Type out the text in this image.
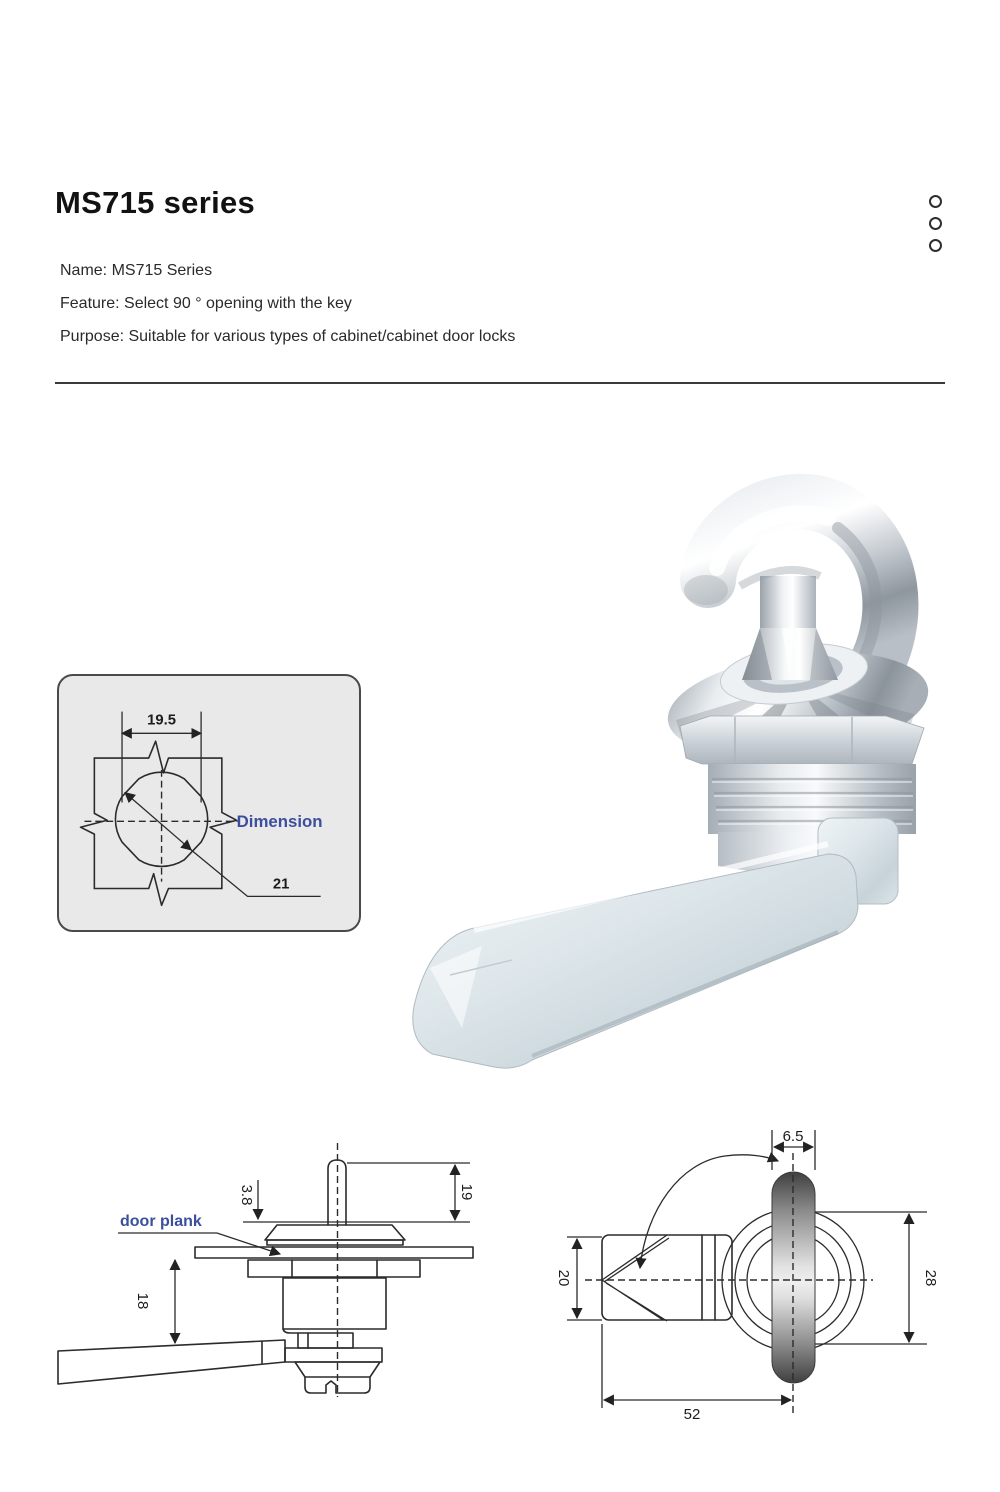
MS715 series
Name: MS715 Series
Feature: Select 90 ° opening with the key
Purpose: Suitable for various types of cabinet/cabinet door locks
19.5
21
Dimension
3.8	19
18
door plank
6.5
20	28
52
